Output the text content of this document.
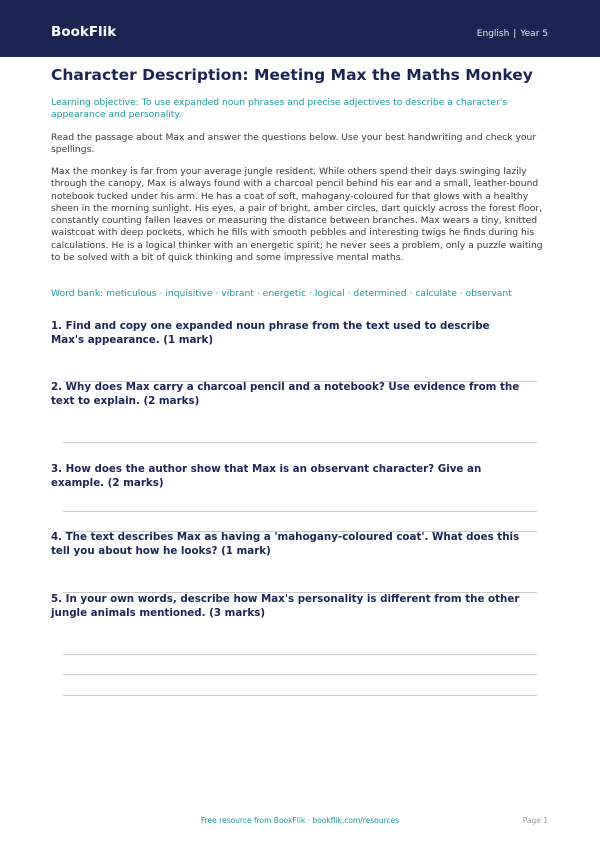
BookFlik	English | Year 5
Character Description: Meeting Max the Maths Monkey
Learning objective: To use expanded noun phrases and precise adjectives to describe a character's appearance and personality.
Read the passage about Max and answer the questions below. Use your best handwriting and check your spellings.
Max the monkey is far from your average jungle resident. While others spend their days swinging lazily through the canopy, Max is always found with a charcoal pencil behind his ear and a small, leather-bound notebook tucked under his arm. He has a coat of soft, mahogany-coloured fur that glows with a healthy sheen in the morning sunlight. His eyes, a pair of bright, amber circles, dart quickly across the forest floor, constantly counting fallen leaves or measuring the distance between branches. Max wears a tiny, knitted waistcoat with deep pockets, which he fills with smooth pebbles and interesting twigs he finds during his calculations. He is a logical thinker with an energetic spirit; he never sees a problem, only a puzzle waiting to be solved with a bit of quick thinking and some impressive mental maths.
Word bank: meticulous · inquisitive · vibrant · energetic · logical · determined · calculate · observant

1. Find and copy one expanded noun phrase from the text used to describe Max's appearance. (1 mark)

2. Why does Max carry a charcoal pencil and a notebook? Use evidence from the text to explain. (2 marks)

3. How does the author show that Max is an observant character? Give an example. (2 marks)

4. The text describes Max as having a 'mahogany-coloured coat'. What does this tell you about how he looks? (1 mark)

5. In your own words, describe how Max's personality is different from the other jungle animals mentioned. (3 marks)

Free resource from BookFlik · bookflik.com/resources	Page 1
